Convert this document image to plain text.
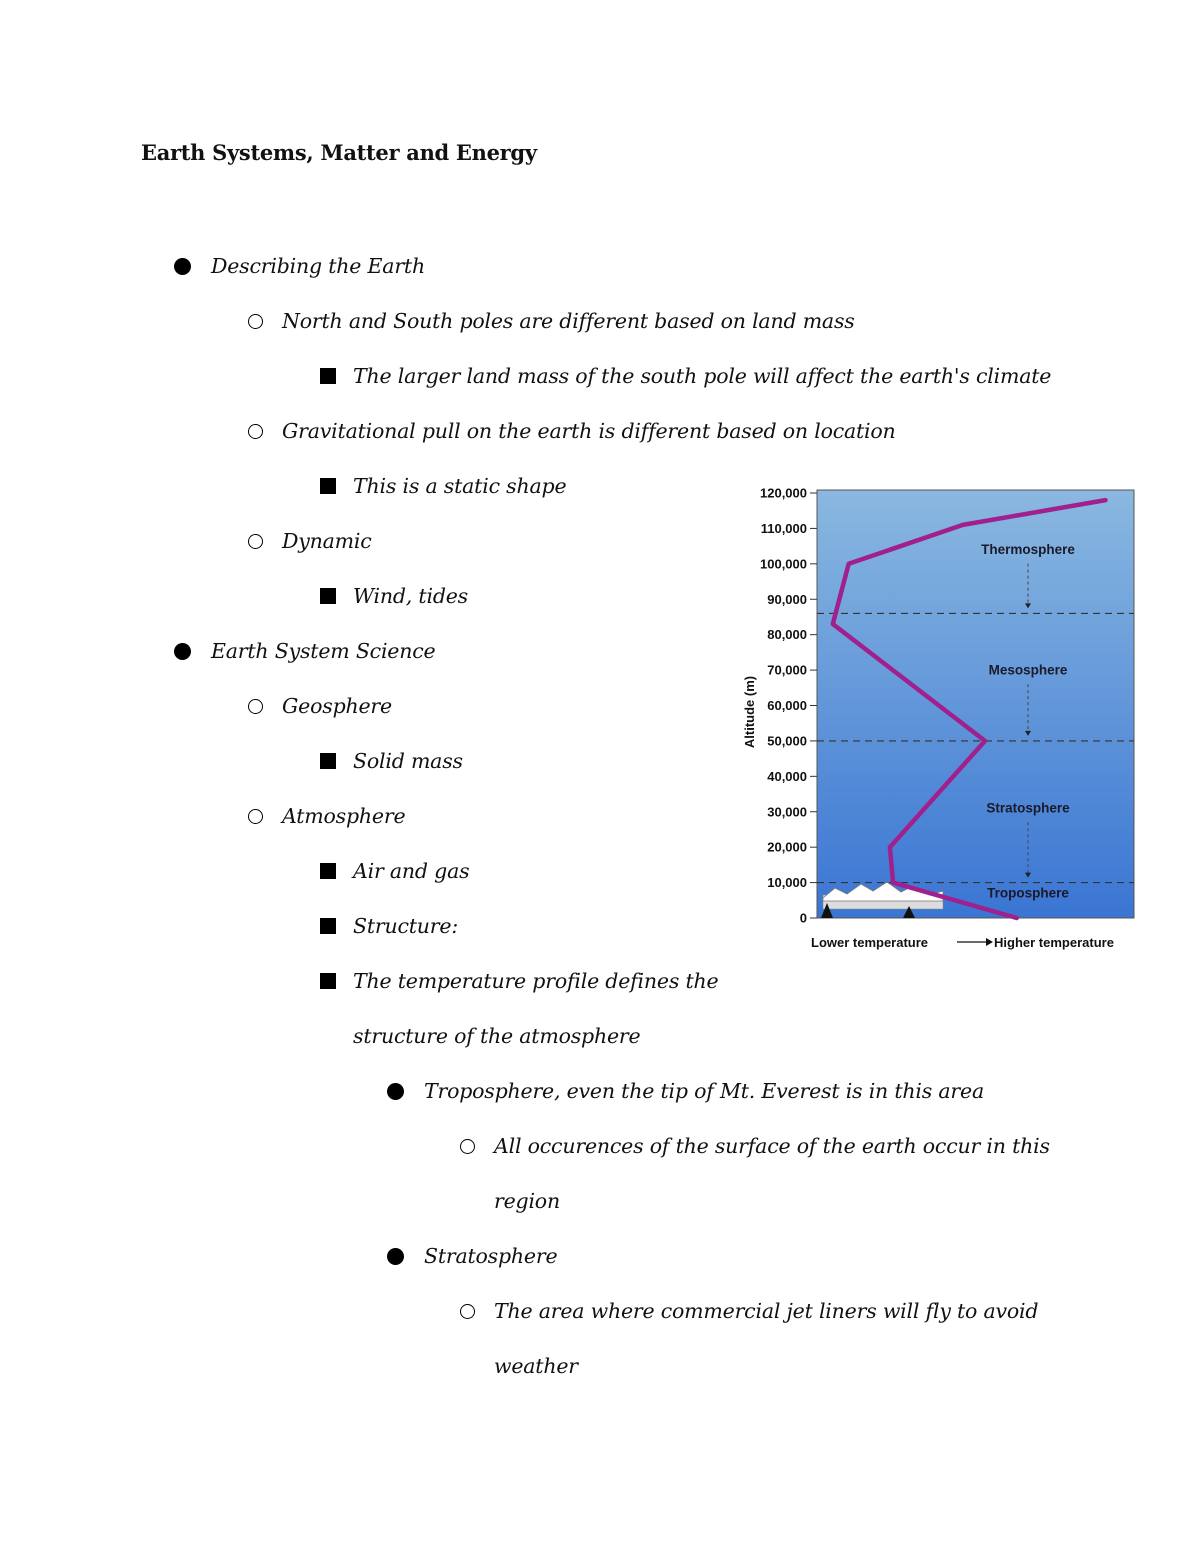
Earth Systems, Matter and Energy
Describing the Earth
North and South poles are different based on land mass
The larger land mass of the south pole will affect the earth's climate
Gravitational pull on the earth is different based on location
This is a static shape
Dynamic
Wind, tides
Earth System Science
Geosphere
Solid mass
Atmosphere
Air and gas
Structure:
The temperature profile defines the
structure of the atmosphere
Troposphere, even the tip of Mt. Everest is in this area
All occurences of the surface of the earth occur in this
region
Stratosphere
The area where commercial jet liners will fly to avoid
weather
120,000
110,000
100,000
90,000
80,000
70,000
60,000
50,000
40,000
30,000
20,000
10,000
0
Thermosphere
Mesosphere
Stratosphere
Troposphere
Altitude (m)
Lower temperature	Higher temperature
